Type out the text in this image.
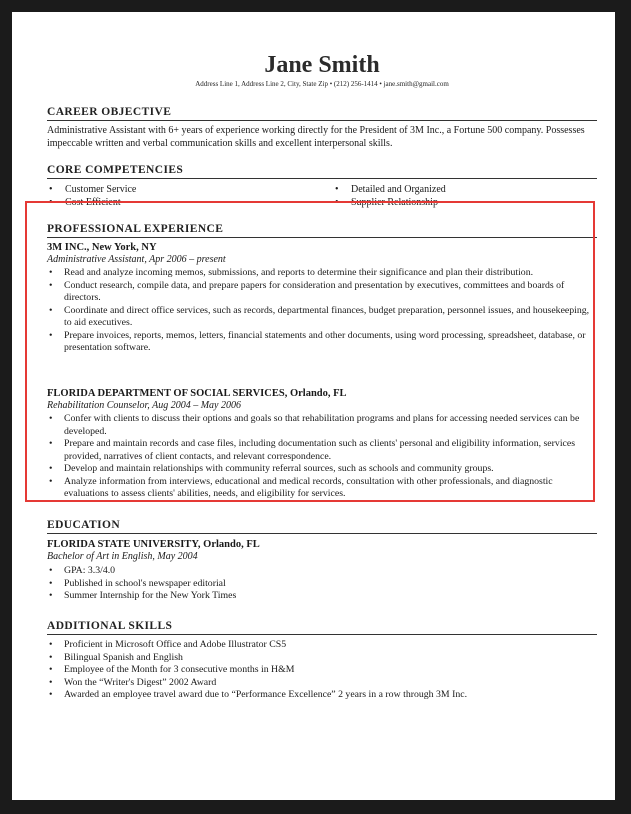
Jane Smith
Address Line 1, Address Line 2, City, State Zip • (212) 256-1414 • jane.smith@gmail.com
CAREER OBJECTIVE
Administrative Assistant with 6+ years of experience working directly for the President of 3M Inc., a Fortune 500 company. Possesses impeccable written and verbal communication skills and excellent interpersonal skills.
CORE COMPETENCIES
• Customer Service
• Cost Efficient
• Detailed and Organized
• Supplier Relationship
PROFESSIONAL EXPERIENCE
3M INC., New York, NY
Administrative Assistant, Apr 2006 – present
• Read and analyze incoming memos, submissions, and reports to determine their significance and plan their distribution.
• Conduct research, compile data, and prepare papers for consideration and presentation by executives, committees and boards of directors.
• Coordinate and direct office services, such as records, departmental finances, budget preparation, personnel issues, and housekeeping, to aid executives.
• Prepare invoices, reports, memos, letters, financial statements and other documents, using word processing, spreadsheet, database, or presentation software.
FLORIDA DEPARTMENT OF SOCIAL SERVICES, Orlando, FL
Rehabilitation Counselor, Aug 2004 – May 2006
• Confer with clients to discuss their options and goals so that rehabilitation programs and plans for accessing needed services can be developed.
• Prepare and maintain records and case files, including documentation such as clients' personal and eligibility information, services provided, narratives of client contacts, and relevant correspondence.
• Develop and maintain relationships with community referral sources, such as schools and community groups.
• Analyze information from interviews, educational and medical records, consultation with other professionals, and diagnostic evaluations to assess clients' abilities, needs, and eligibility for services.
EDUCATION
FLORIDA STATE UNIVERSITY, Orlando, FL
Bachelor of Art in English, May 2004
• GPA: 3.3/4.0
• Published in school's newspaper editorial
• Summer Internship for the New York Times
ADDITIONAL SKILLS
• Proficient in Microsoft Office and Adobe Illustrator CS5
• Bilingual Spanish and English
• Employee of the Month for 3 consecutive months in H&M
• Won the “Writer's Digest” 2002 Award
• Awarded an employee travel award due to “Performance Excellence” 2 years in a row through 3M Inc.
